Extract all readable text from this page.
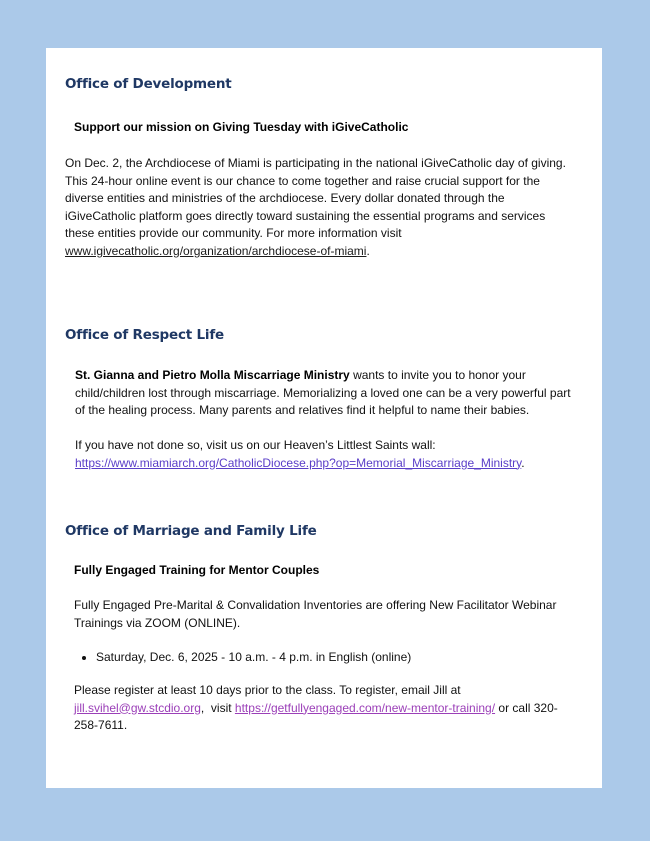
Office of Development

Support our mission on Giving Tuesday with iGiveCatholic

On Dec. 2, the Archdiocese of Miami is participating in the national iGiveCatholic day of giving. This 24-hour online event is our chance to come together and raise crucial support for the diverse entities and ministries of the archdiocese. Every dollar donated through the iGiveCatholic platform goes directly toward sustaining the essential programs and services these entities provide our community. For more information visit www.igivecatholic.org/organization/archdiocese-of-miami.

Office of Respect Life

St. Gianna and Pietro Molla Miscarriage Ministry wants to invite you to honor your child/children lost through miscarriage. Memorializing a loved one can be a very powerful part of the healing process. Many parents and relatives find it helpful to name their babies.

If you have not done so, visit us on our Heaven’s Littlest Saints wall:
https://www.miamiarch.org/CatholicDiocese.php?op=Memorial_Miscarriage_Ministry.

Office of Marriage and Family Life

Fully Engaged Training for Mentor Couples

Fully Engaged Pre-Marital & Convalidation Inventories are offering New Facilitator Webinar Trainings via ZOOM (ONLINE).

• Saturday, Dec. 6, 2025 - 10 a.m. - 4 p.m. in English (online)

Please register at least 10 days prior to the class. To register, email Jill at
jill.svihel@gw.stcdio.org,  visit https://getfullyengaged.com/new-mentor-training/ or call 320-258-7611.
